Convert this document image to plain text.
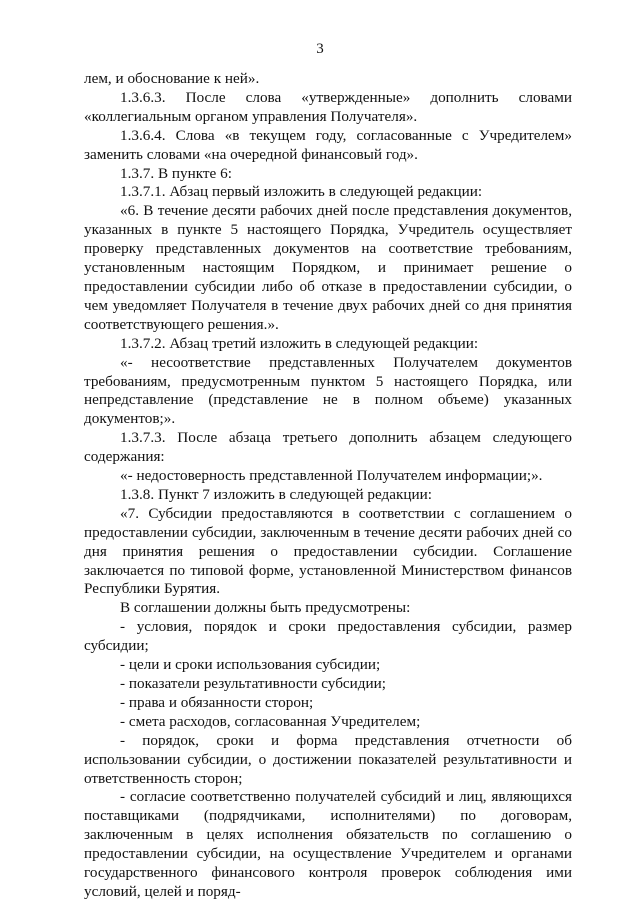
3

лем, и обоснование к ней».

1.3.6.3. После слова «утвержденные» дополнить словами «коллегиальным органом управления Получателя».

1.3.6.4. Слова «в текущем году, согласованные с Учредителем» заменить словами «на очередной финансовый год».

1.3.7. В пункте 6:

1.3.7.1. Абзац первый изложить в следующей редакции:

«6. В течение десяти рабочих дней после представления документов, указанных в пункте 5 настоящего Порядка, Учредитель осуществляет проверку представленных документов на соответствие требованиям, установленным настоящим Порядком, и принимает решение о предоставлении субсидии либо об отказе в предоставлении субсидии, о чем уведомляет Получателя в течение двух рабочих дней со дня принятия соответствующего решения.».

1.3.7.2. Абзац третий изложить в следующей редакции:

«- несоответствие представленных Получателем документов требованиям, предусмотренным пунктом 5 настоящего Порядка, или непредставление (представление не в полном объеме) указанных документов;».

1.3.7.3. После абзаца третьего дополнить абзацем следующего содержания:

«- недостоверность представленной Получателем информации;».

1.3.8. Пункт 7 изложить в следующей редакции:

«7. Субсидии предоставляются в соответствии с соглашением о предоставлении субсидии, заключенным в течение десяти рабочих дней со дня принятия решения о предоставлении субсидии. Соглашение заключается по типовой форме, установленной Министерством финансов Республики Бурятия.

В соглашении должны быть предусмотрены:

- условия, порядок и сроки предоставления субсидии, размер субсидии;

- цели и сроки использования субсидии;

- показатели результативности субсидии;

- права и обязанности сторон;

- смета расходов, согласованная Учредителем;

- порядок, сроки и форма представления отчетности об использовании субсидии, о достижении показателей результативности и ответственность сторон;

- согласие соответственно получателей субсидий и лиц, являющихся поставщиками (подрядчиками, исполнителями) по договорам, заключенным в целях исполнения обязательств по соглашению о предоставлении субсидии, на осуществление Учредителем и органами государственного финансового контроля проверок соблюдения ими условий, целей и поряд-
